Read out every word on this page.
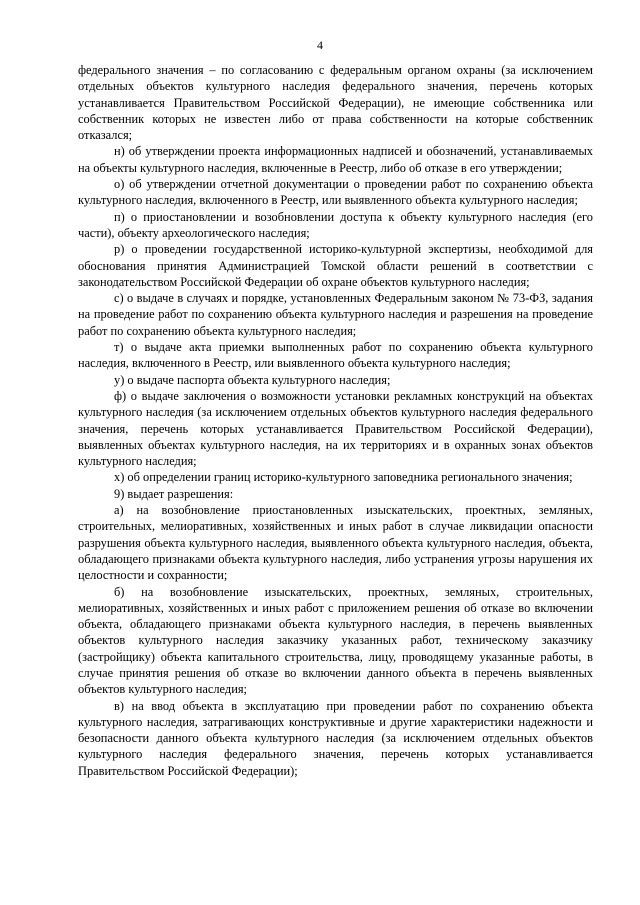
4

федерального значения – по согласованию с федеральным органом охраны (за исключением отдельных объектов культурного наследия федерального значения, перечень которых устанавливается Правительством Российской Федерации), не имеющие собственника или собственник которых не известен либо от права собственности на которые собственник отказался;

н) об утверждении проекта информационных надписей и обозначений, устанавливаемых на объекты культурного наследия, включенные в Реестр, либо об отказе в его утверждении;

о) об утверждении отчетной документации о проведении работ по сохранению объекта культурного наследия, включенного в Реестр, или выявленного объекта культурного наследия;

п) о приостановлении и возобновлении доступа к объекту культурного наследия (его части), объекту археологического наследия;

р) о проведении государственной историко-культурной экспертизы, необходимой для обоснования принятия Администрацией Томской области решений в соответствии с законодательством Российской Федерации об охране объектов культурного наследия;

с) о выдаче в случаях и порядке, установленных Федеральным законом № 73-ФЗ, задания на проведение работ по сохранению объекта культурного наследия и разрешения на проведение работ по сохранению объекта культурного наследия;

т) о выдаче акта приемки выполненных работ по сохранению объекта культурного наследия, включенного в Реестр, или выявленного объекта культурного наследия;

у) о выдаче паспорта объекта культурного наследия;

ф) о выдаче заключения о возможности установки рекламных конструкций на объектах культурного наследия (за исключением отдельных объектов культурного наследия федерального значения, перечень которых устанавливается Правительством Российской Федерации), выявленных объектах культурного наследия, на их территориях и в охранных зонах объектов культурного наследия;

х) об определении границ историко-культурного заповедника регионального значения;

9) выдает разрешения:

а) на возобновление приостановленных изыскательских, проектных, земляных, строительных, мелиоративных, хозяйственных и иных работ в случае ликвидации опасности разрушения объекта культурного наследия, выявленного объекта культурного наследия, объекта, обладающего признаками объекта культурного наследия, либо устранения угрозы нарушения их целостности и сохранности;

б) на возобновление изыскательских, проектных, земляных, строительных, мелиоративных, хозяйственных и иных работ с приложением решения об отказе во включении объекта, обладающего признаками объекта культурного наследия, в перечень выявленных объектов культурного наследия заказчику указанных работ, техническому заказчику (застройщику) объекта капитального строительства, лицу, проводящему указанные работы, в случае принятия решения об отказе во включении данного объекта в перечень выявленных объектов культурного наследия;

в) на ввод объекта в эксплуатацию при проведении работ по сохранению объекта культурного наследия, затрагивающих конструктивные и другие характеристики надежности и безопасности данного объекта культурного наследия (за исключением отдельных объектов культурного наследия федерального значения, перечень которых устанавливается Правительством Российской Федерации);
